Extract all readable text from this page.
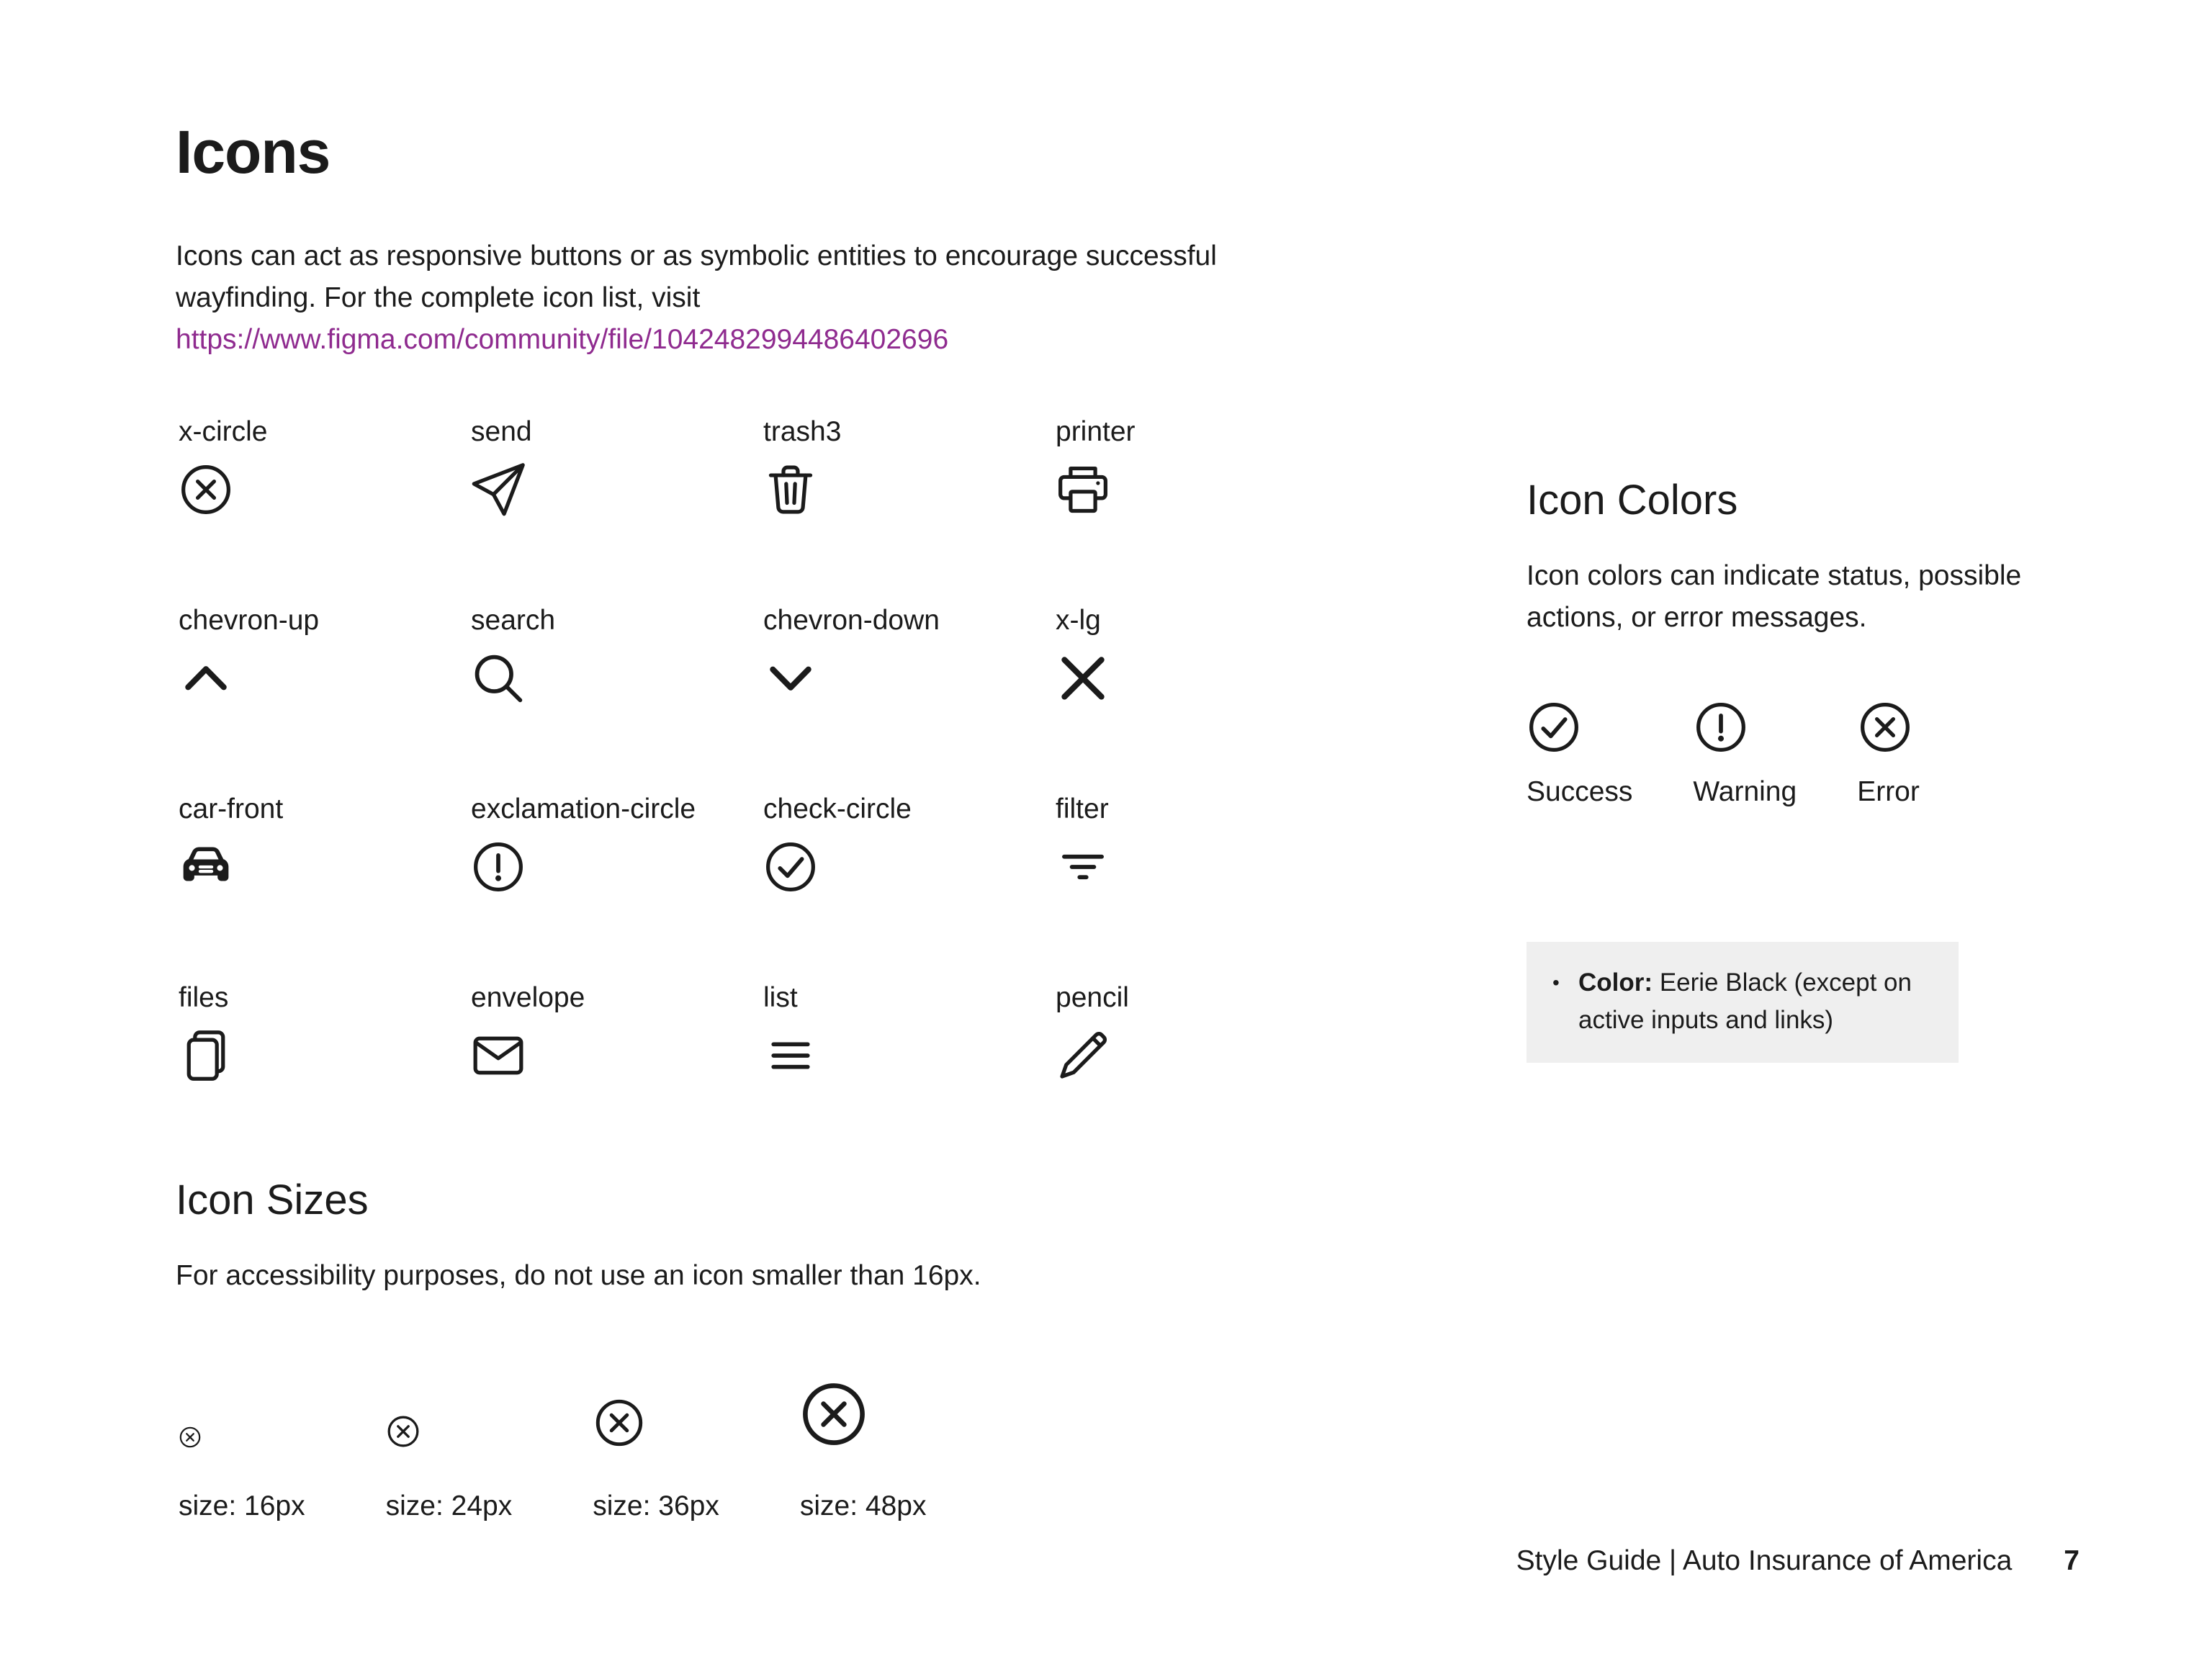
Icons

Icons can act as responsive buttons or as symbolic entities to encourage successful wayfinding. For the complete icon list, visit https://www.figma.com/community/file/1042482994486402696

x-circle	send	trash3	printer
chevron-up	search	chevron-down	x-lg
car-front	exclamation-circle	check-circle	filter
files	envelope	list	pencil
Icon Colors

Icon colors can indicate status, possible actions, or error messages.

Success	Warning	Error
•	Color: Eerie Black (except on active inputs and links)
Icon Sizes

For accessibility purposes, do not use an icon smaller than 16px.

size: 16px	size: 24px	size: 36px	size: 48px
Style Guide | Auto Insurance of America	7
